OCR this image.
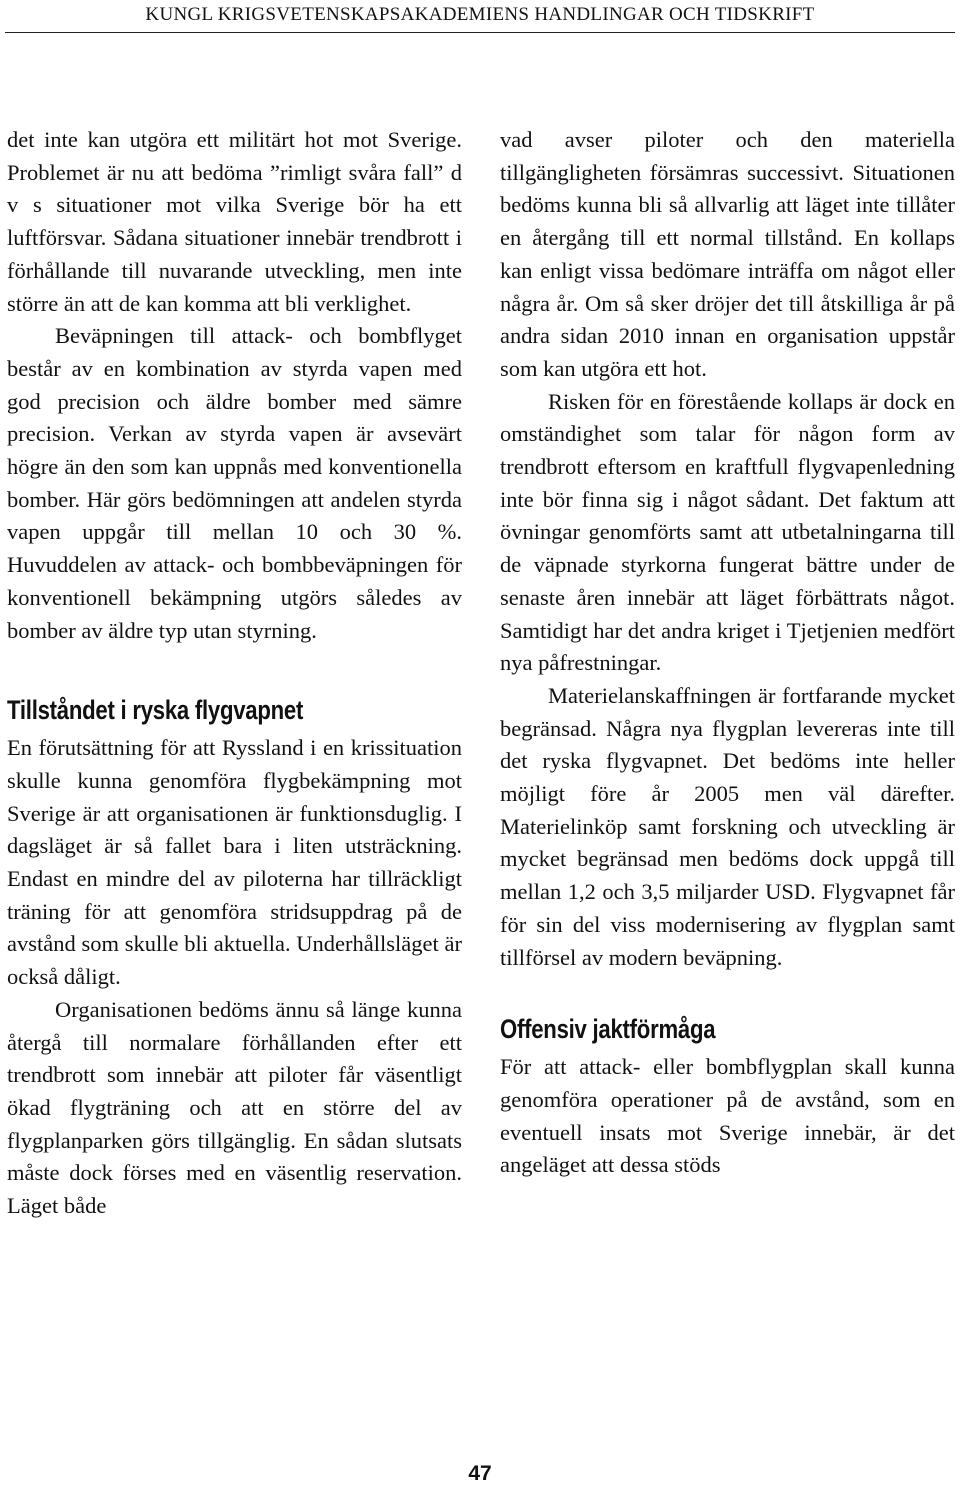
KUNGL KRIGSVETENSKAPSAKADEMIENS HANDLINGAR OCH TIDSKRIFT

det inte kan utgöra ett militärt hot mot Sverige. Problemet är nu att bedöma ”rimligt svåra fall” d v s situationer mot vilka Sverige bör ha ett luftförsvar. Sådana situationer innebär trendbrott i förhållande till nuvarande utveckling, men inte större än att de kan komma att bli verklighet.

Beväpningen till attack- och bombflyget består av en kombination av styrda vapen med god precision och äldre bomber med sämre precision. Verkan av styrda vapen är avsevärt högre än den som kan uppnås med konventionella bomber. Här görs bedömningen att andelen styrda vapen uppgår till mellan 10 och 30 %. Huvuddelen av attack- och bombbeväpningen för konventionell bekämpning utgörs således av bomber av äldre typ utan styrning.

Tillståndet i ryska flygvapnet

En förutsättning för att Ryssland i en krissituation skulle kunna genomföra flygbekämpning mot Sverige är att organisationen är funktionsduglig. I dagsläget är så fallet bara i liten utsträckning. Endast en mindre del av piloterna har tillräckligt träning för att genomföra stridsuppdrag på de avstånd som skulle bli aktuella. Underhållsläget är också dåligt.

Organisationen bedöms ännu så länge kunna återgå till normalare förhållanden efter ett trendbrott som innebär att piloter får väsentligt ökad flygträning och att en större del av flygplanparken görs tillgänglig. En sådan slutsats måste dock förses med en väsentlig reservation. Läget både

vad avser piloter och den materiella tillgängligheten försämras successivt. Situationen bedöms kunna bli så allvarlig att läget inte tillåter en återgång till ett normal tillstånd. En kollaps kan enligt vissa bedömare inträffa om något eller några år. Om så sker dröjer det till åtskilliga år på andra sidan 2010 innan en organisation uppstår som kan utgöra ett hot.

Risken för en förestående kollaps är dock en omständighet som talar för någon form av trendbrott eftersom en kraftfull flygvapenledning inte bör finna sig i något sådant. Det faktum att övningar genomförts samt att utbetalningarna till de väpnade styrkorna fungerat bättre under de senaste åren innebär att läget förbättrats något. Samtidigt har det andra kriget i Tjetjenien medfört nya påfrestningar.

Materielanskaffningen är fortfarande mycket begränsad. Några nya flygplan levereras inte till det ryska flygvapnet. Det bedöms inte heller möjligt före år 2005 men väl därefter. Materielinköp samt forskning och utveckling är mycket begränsad men bedöms dock uppgå till mellan 1,2 och 3,5 miljarder USD. Flygvapnet får för sin del viss modernisering av flygplan samt tillförsel av modern beväpning.

Offensiv jaktförmåga

För att attack- eller bombflygplan skall kunna genomföra operationer på de avstånd, som en eventuell insats mot Sverige innebär, är det angeläget att dessa stöds

47
